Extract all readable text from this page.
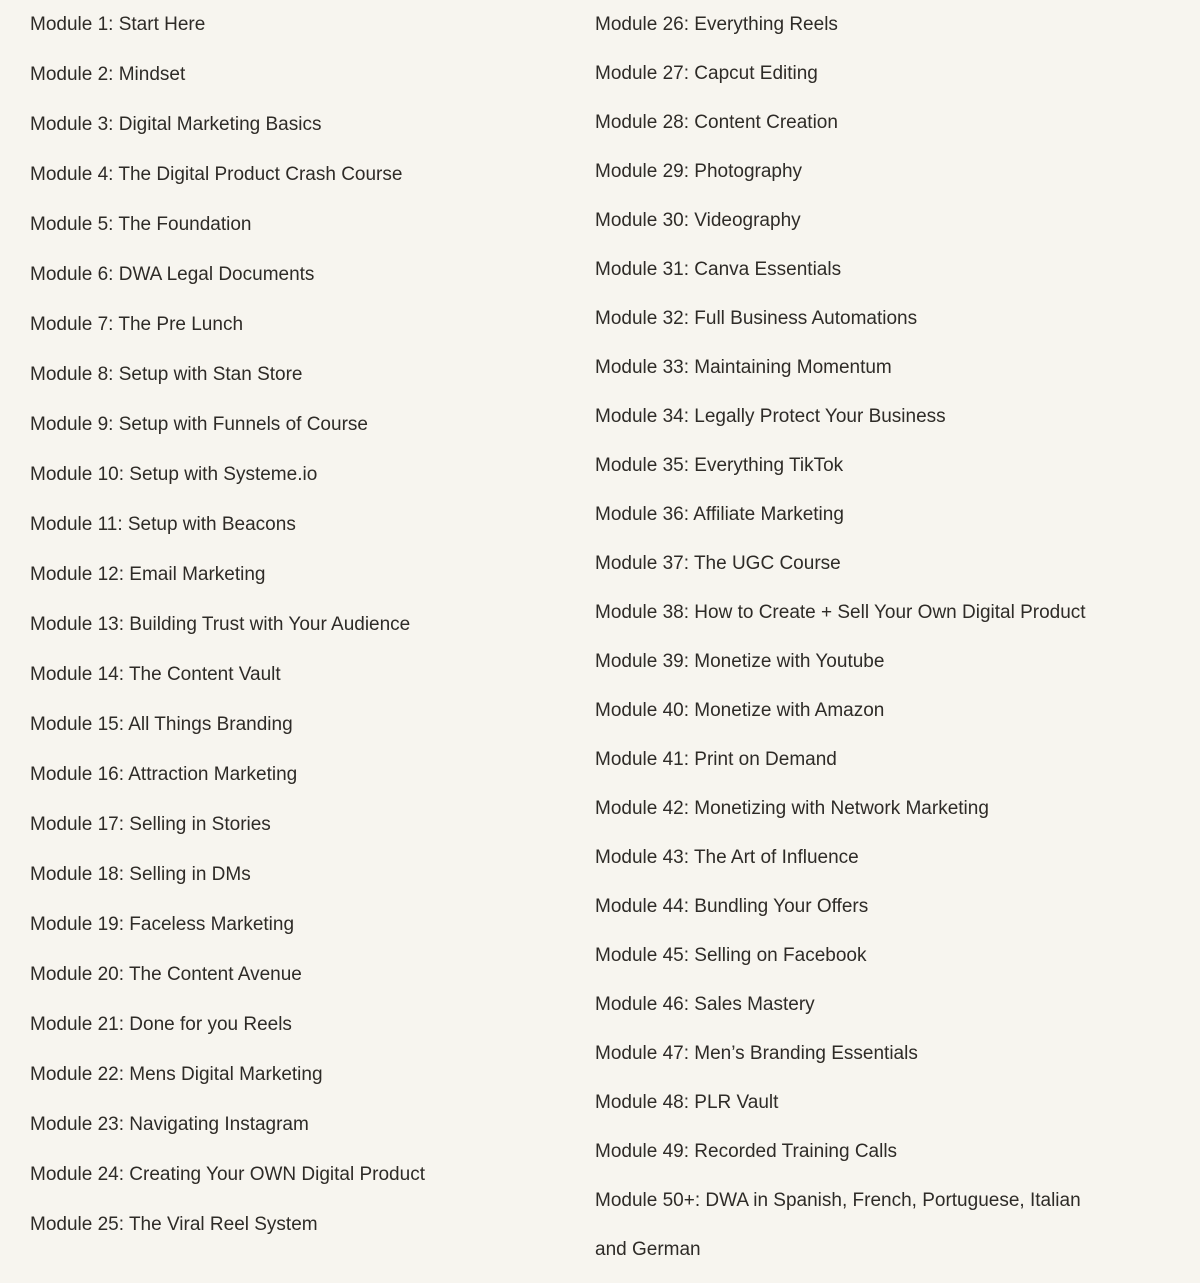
Module 1: Start Here
Module 2: Mindset
Module 3: Digital Marketing Basics
Module 4: The Digital Product Crash Course
Module 5: The Foundation
Module 6: DWA Legal Documents
Module 7: The Pre Lunch
Module 8: Setup with Stan Store
Module 9: Setup with Funnels of Course
Module 10: Setup with Systeme.io
Module 11: Setup with Beacons
Module 12: Email Marketing
Module 13: Building Trust with Your Audience
Module 14: The Content Vault
Module 15: All Things Branding
Module 16: Attraction Marketing
Module 17: Selling in Stories
Module 18: Selling in DMs
Module 19: Faceless Marketing
Module 20: The Content Avenue
Module 21: Done for you Reels
Module 22: Mens Digital Marketing
Module 23: Navigating Instagram
Module 24: Creating Your OWN Digital Product
Module 25: The Viral Reel System
Module 26: Everything Reels
Module 27: Capcut Editing
Module 28: Content Creation
Module 29: Photography
Module 30: Videography
Module 31: Canva Essentials
Module 32: Full Business Automations
Module 33: Maintaining Momentum
Module 34: Legally Protect Your Business
Module 35: Everything TikTok
Module 36: Affiliate Marketing
Module 37: The UGC Course
Module 38: How to Create + Sell Your Own Digital Product
Module 39: Monetize with Youtube
Module 40: Monetize with Amazon
Module 41: Print on Demand
Module 42: Monetizing with Network Marketing
Module 43: The Art of Influence
Module 44: Bundling Your Offers
Module 45: Selling on Facebook
Module 46: Sales Mastery
Module 47: Men’s Branding Essentials
Module 48: PLR Vault
Module 49: Recorded Training Calls
Module 50+: DWA in Spanish, French, Portuguese, Italian and German
